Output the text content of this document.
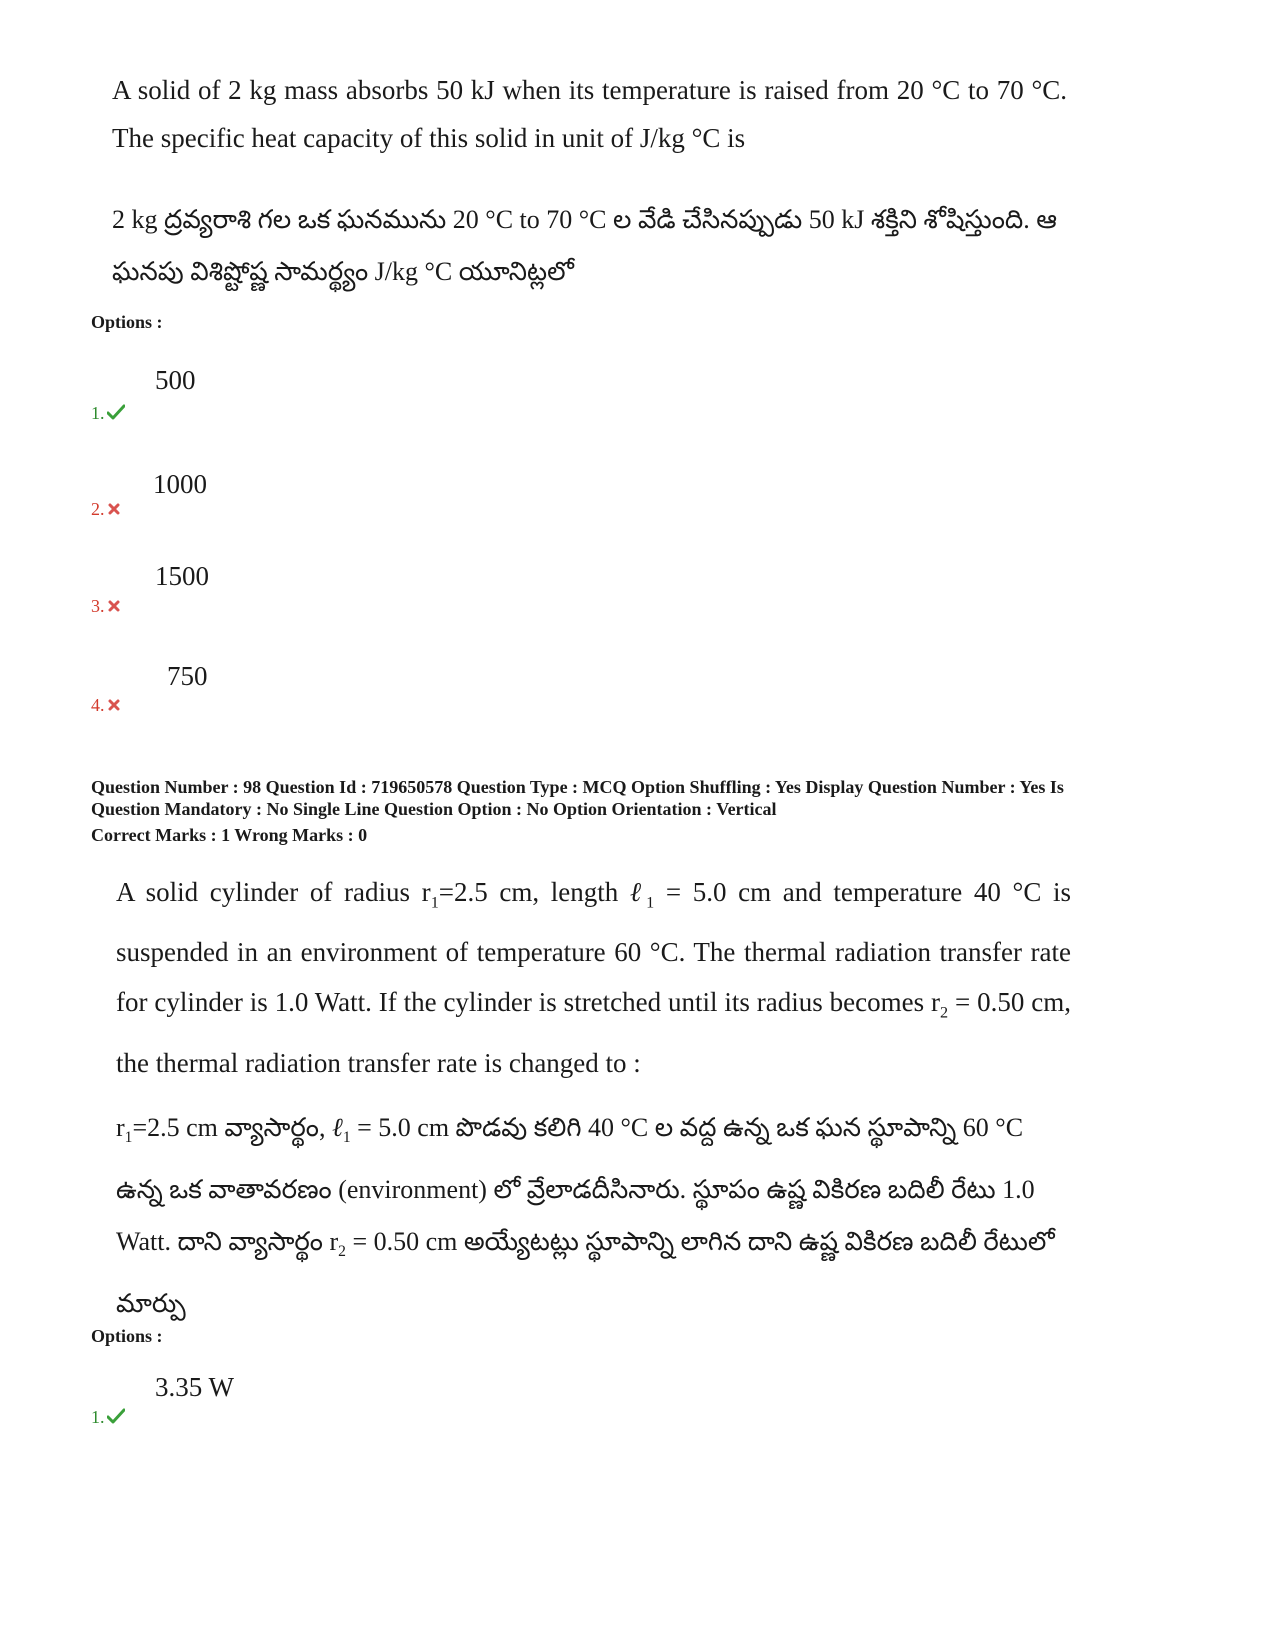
A solid of 2 kg mass absorbs 50 kJ when its temperature is raised from 20 °C to 70 °C. The specific heat capacity of this solid in unit of J/kg °C is
2 kg ద్రవ్యరాశి గల ఒక ఘనమును 20 °C to 70 °C ల వేడి చేసినప్పుడు 50 kJ శక్తిని శోషిస్తుంది. ఆ ఘనపు విశిష్టోష్ణ సామర్థ్యం J/kg °C యూనిట్లలో
Options :
500
1.
1000
2.
1500
3.
750
4.
Question Number : 98 Question Id : 719650578 Question Type : MCQ Option Shuffling : Yes Display Question Number : Yes Is
Question Mandatory : No Single Line Question Option : No Option Orientation : Vertical
Correct Marks : 1 Wrong Marks : 0
A solid cylinder of radius $r_1=2.5$ cm, length ℓ$_1$ = 5.0 cm and temperature 40 °C is suspended in an environment of temperature 60 °C. The thermal radiation transfer rate for cylinder is 1.0 Watt. If the cylinder is stretched until its radius becomes $r_2 = 0.50$ cm, the thermal radiation transfer rate is changed to :
$r_1=2.5$ cm వ్యాసార్థం, ℓ$_1$ = 5.0 cm పొడవు కలిగి 40 °C ల వద్ద ఉన్న ఒక ఘన స్థూపాన్ని 60 °C ఉన్న ఒక వాతావరణం (environment) లో వ్రేలాడదీసినారు. స్థూపం ఉష్ణ వికిరణ బదిలీ రేటు 1.0 Watt. దాని వ్యాసార్థం $r_2 = 0.50$ cm అయ్యేటట్లు స్థూపాన్ని లాగిన దాని ఉష్ణ వికిరణ బదిలీ రేటులో మార్పు
Options :
3.35 W
1.
